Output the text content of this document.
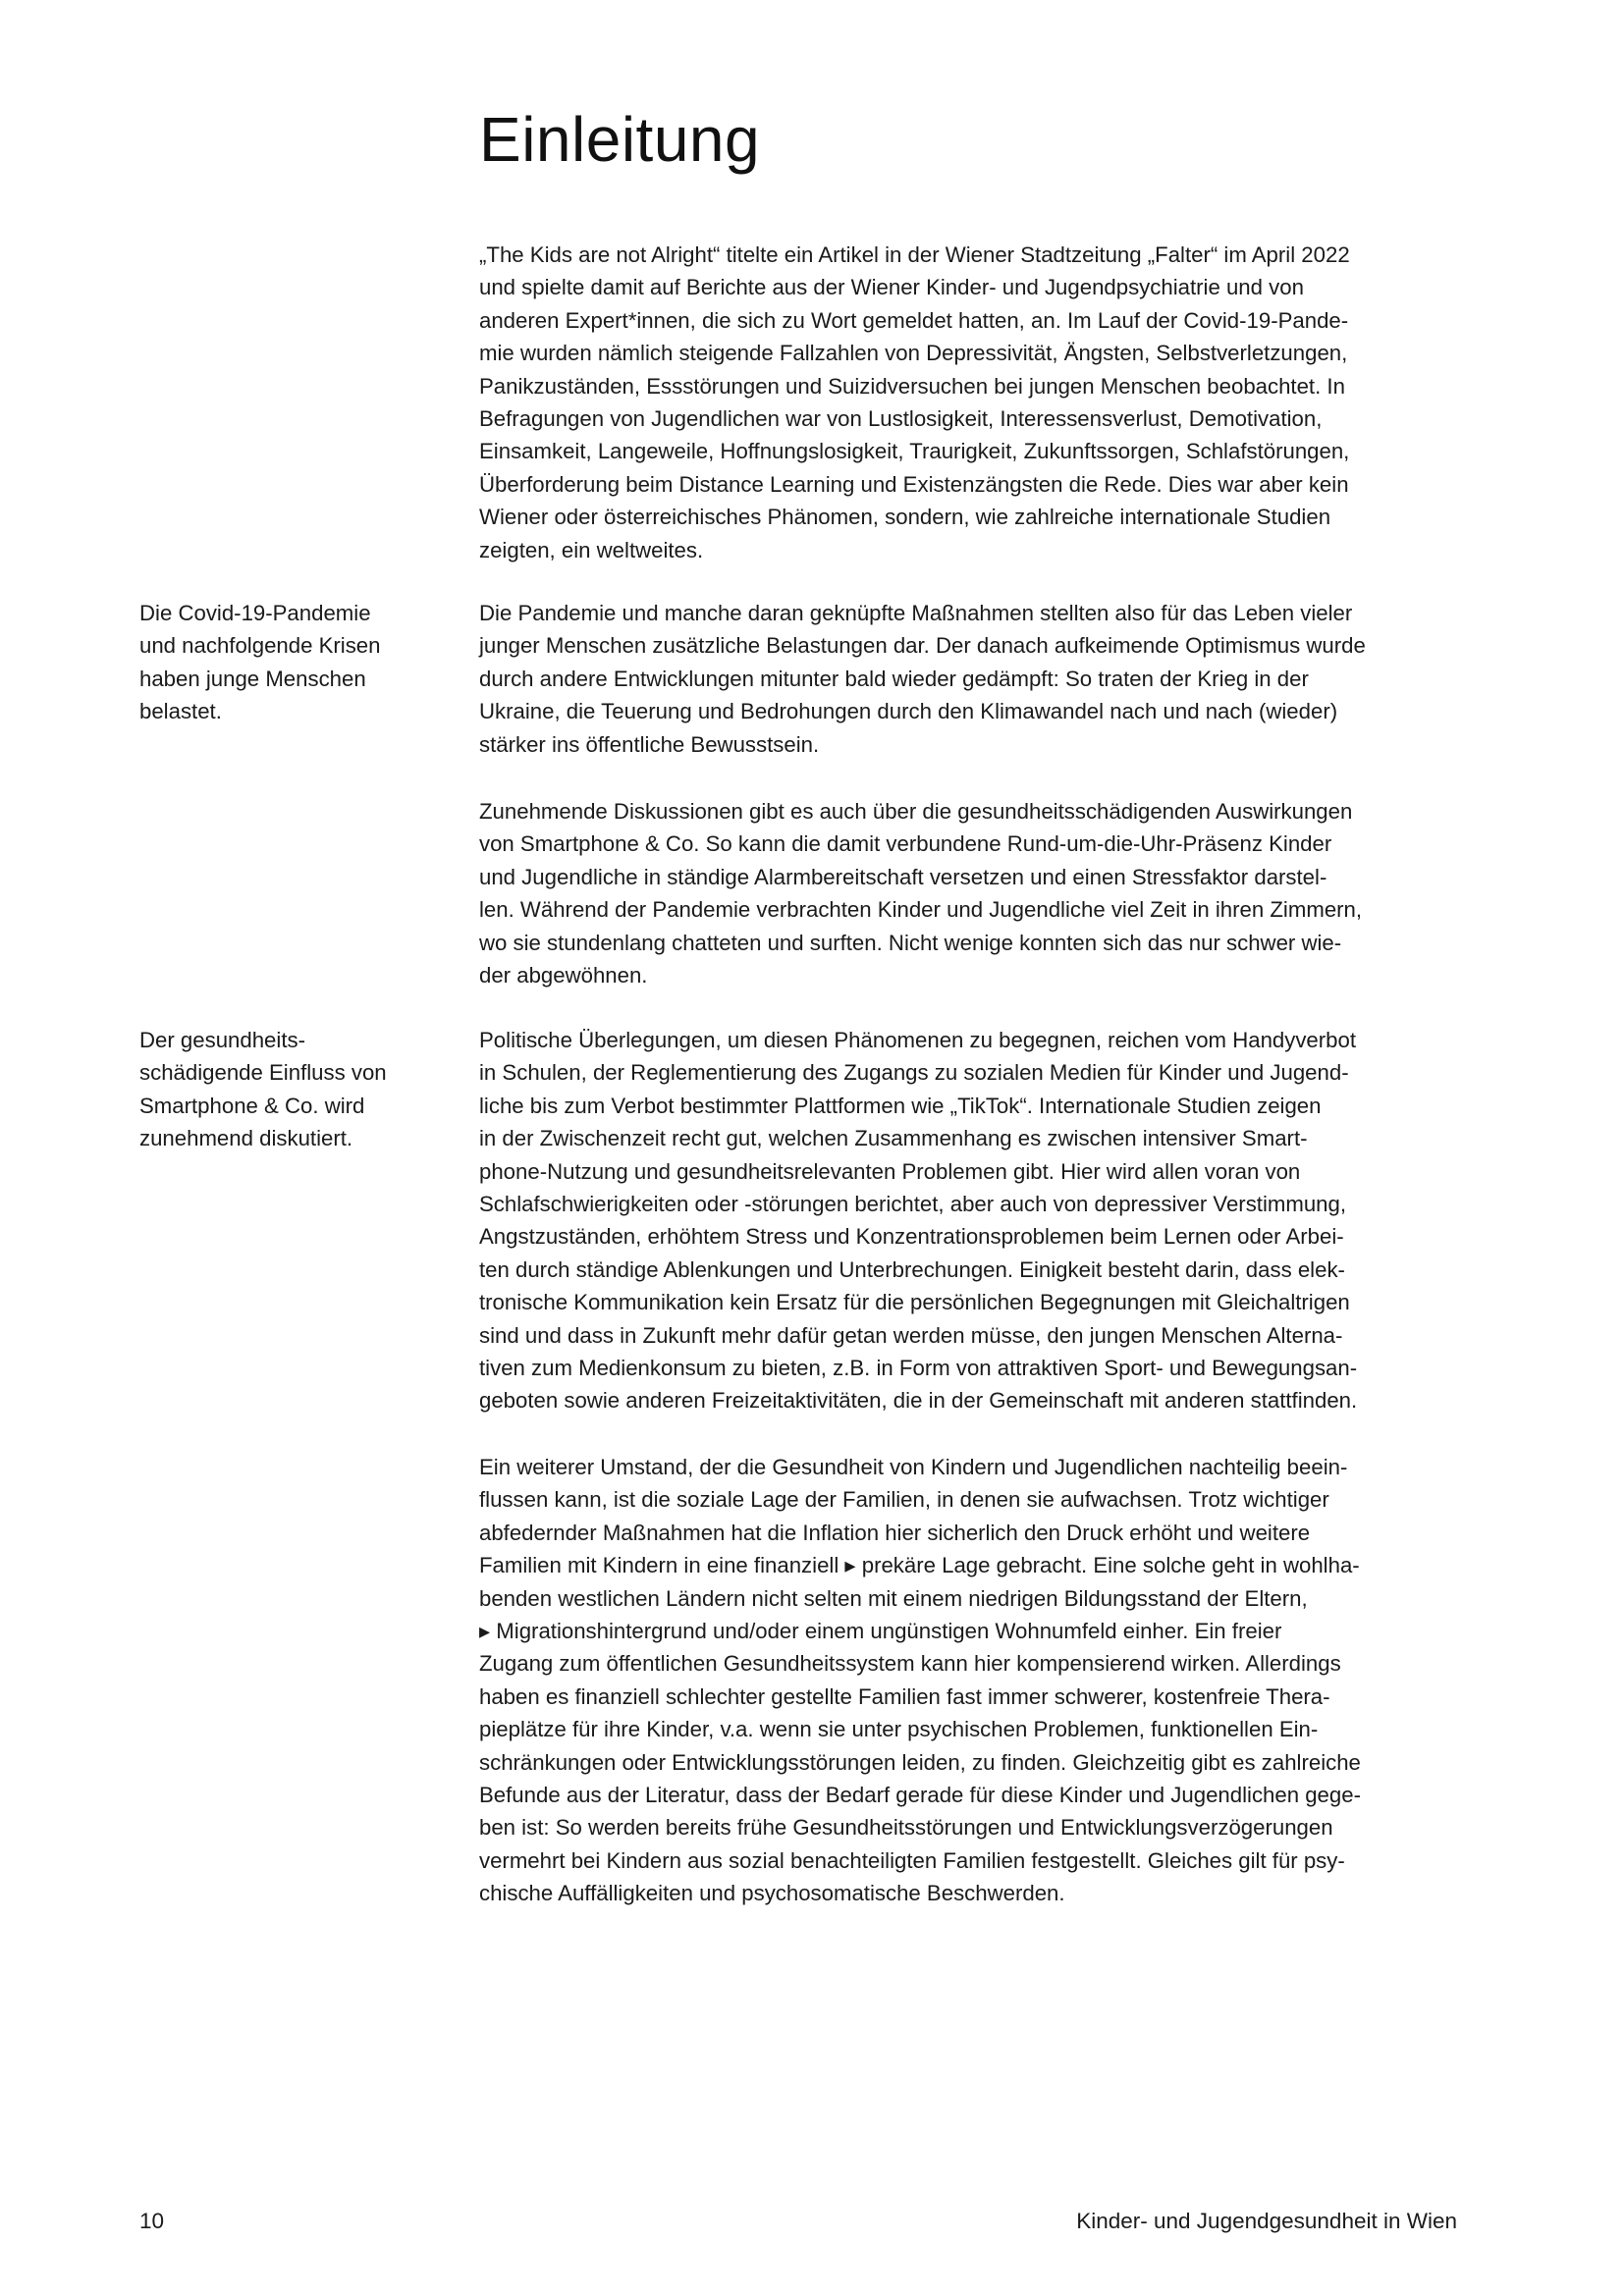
Einleitung

„The Kids are not Alright“ titelte ein Artikel in der Wiener Stadtzeitung „Falter“ im April 2022
und spielte damit auf Berichte aus der Wiener Kinder- und Jugendpsychiatrie und von
anderen Expert*innen, die sich zu Wort gemeldet hatten, an. Im Lauf der Covid-19-Pande-
mie wurden nämlich steigende Fallzahlen von Depressivität, Ängsten, Selbstverletzungen,
Panikzuständen, Essstörungen und Suizidversuchen bei jungen Menschen beobachtet. In
Befragungen von Jugendlichen war von Lustlosigkeit, Interessensverlust, Demotivation,
Einsamkeit, Langeweile, Hoffnungslosigkeit, Traurigkeit, Zukunftssorgen, Schlafstörungen,
Überforderung beim Distance Learning und Existenzängsten die Rede. Dies war aber kein
Wiener oder österreichisches Phänomen, sondern, wie zahlreiche internationale Studien
zeigten, ein weltweites.

Die Covid-19-Pandemie
und nachfolgende Krisen
haben junge Menschen
belastet.

Die Pandemie und manche daran geknüpfte Maßnahmen stellten also für das Leben vieler
junger Menschen zusätzliche Belastungen dar. Der danach aufkeimende Optimismus wurde
durch andere Entwicklungen mitunter bald wieder gedämpft: So traten der Krieg in der
Ukraine, die Teuerung und Bedrohungen durch den Klimawandel nach und nach (wieder)
stärker ins öffentliche Bewusstsein.

Zunehmende Diskussionen gibt es auch über die gesundheitsschädigenden Auswirkungen
von Smartphone & Co. So kann die damit verbundene Rund-um-die-Uhr-Präsenz Kinder
und Jugendliche in ständige Alarmbereitschaft versetzen und einen Stressfaktor darstel-
len. Während der Pandemie verbrachten Kinder und Jugendliche viel Zeit in ihren Zimmern,
wo sie stundenlang chatteten und surften. Nicht wenige konnten sich das nur schwer wie-
der abgewöhnen.

Der gesundheits-
schädigende Einfluss von
Smartphone & Co. wird
zunehmend diskutiert.

Politische Überlegungen, um diesen Phänomenen zu begegnen, reichen vom Handyverbot
in Schulen, der Reglementierung des Zugangs zu sozialen Medien für Kinder und Jugend-
liche bis zum Verbot bestimmter Plattformen wie „TikTok“. Internationale Studien zeigen
in der Zwischenzeit recht gut, welchen Zusammenhang es zwischen intensiver Smart-
phone-Nutzung und gesundheitsrelevanten Problemen gibt. Hier wird allen voran von
Schlafschwierigkeiten oder -störungen berichtet, aber auch von depressiver Verstimmung,
Angstzuständen, erhöhtem Stress und Konzentrationsproblemen beim Lernen oder Arbei-
ten durch ständige Ablenkungen und Unterbrechungen. Einigkeit besteht darin, dass elek-
tronische Kommunikation kein Ersatz für die persönlichen Begegnungen mit Gleichaltrigen
sind und dass in Zukunft mehr dafür getan werden müsse, den jungen Menschen Alterna-
tiven zum Medienkonsum zu bieten, z.B. in Form von attraktiven Sport- und Bewegungsan-
geboten sowie anderen Freizeitaktivitäten, die in der Gemeinschaft mit anderen stattfinden.

Ein weiterer Umstand, der die Gesundheit von Kindern und Jugendlichen nachteilig beein-
flussen kann, ist die soziale Lage der Familien, in denen sie aufwachsen. Trotz wichtiger
abfedernder Maßnahmen hat die Inflation hier sicherlich den Druck erhöht und weitere
Familien mit Kindern in eine finanziell ▸ prekäre Lage gebracht. Eine solche geht in wohlha-
benden westlichen Ländern nicht selten mit einem niedrigen Bildungsstand der Eltern,
▸ Migrationshintergrund und/oder einem ungünstigen Wohnumfeld einher. Ein freier
Zugang zum öffentlichen Gesundheitssystem kann hier kompensierend wirken. Allerdings
haben es finanziell schlechter gestellte Familien fast immer schwerer, kostenfreie Thera-
pieplätze für ihre Kinder, v.a. wenn sie unter psychischen Problemen, funktionellen Ein-
schränkungen oder Entwicklungsstörungen leiden, zu finden. Gleichzeitig gibt es zahlreiche
Befunde aus der Literatur, dass der Bedarf gerade für diese Kinder und Jugendlichen gege-
ben ist: So werden bereits frühe Gesundheitsstörungen und Entwicklungsverzögerungen
vermehrt bei Kindern aus sozial benachteiligten Familien festgestellt. Gleiches gilt für psy-
chische Auffälligkeiten und psychosomatische Beschwerden.

10	Kinder- und Jugendgesundheit in Wien
